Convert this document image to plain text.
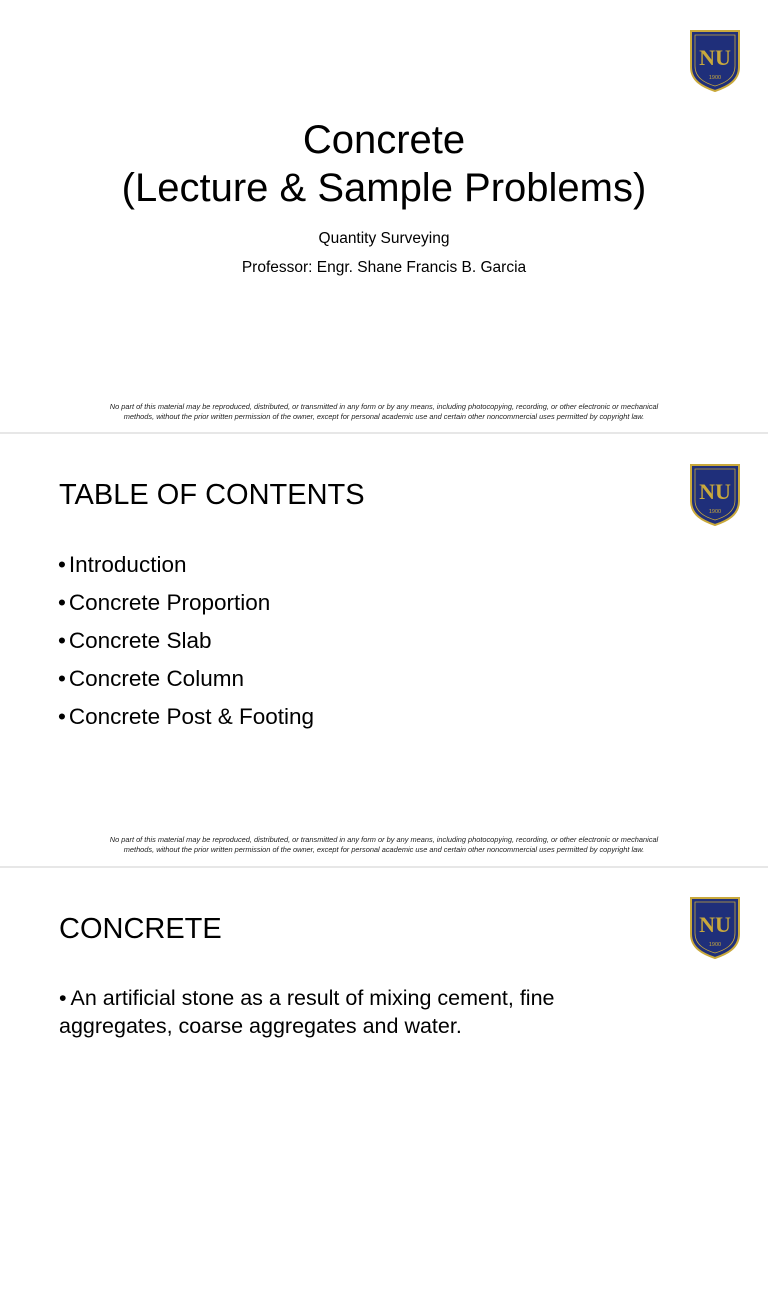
NU
1900
Concrete
(Lecture & Sample Problems)
Quantity Surveying
Professor: Engr. Shane Francis B. Garcia
No part of this material may be reproduced, distributed, or transmitted in any form or by any means, including photocopying, recording, or other electronic or mechanical
methods, without the prior written permission of the owner, except for personal academic use and certain other noncommercial uses permitted by copyright law.
NU
1900
TABLE OF CONTENTS
• Introduction
• Concrete Proportion
• Concrete Slab
• Concrete Column
• Concrete Post & Footing
No part of this material may be reproduced, distributed, or transmitted in any form or by any means, including photocopying, recording, or other electronic or mechanical
methods, without the prior written permission of the owner, except for personal academic use and certain other noncommercial uses permitted by copyright law.
NU
1900
CONCRETE
• An artificial stone as a result of mixing cement, fine aggregates, coarse aggregates and water.
